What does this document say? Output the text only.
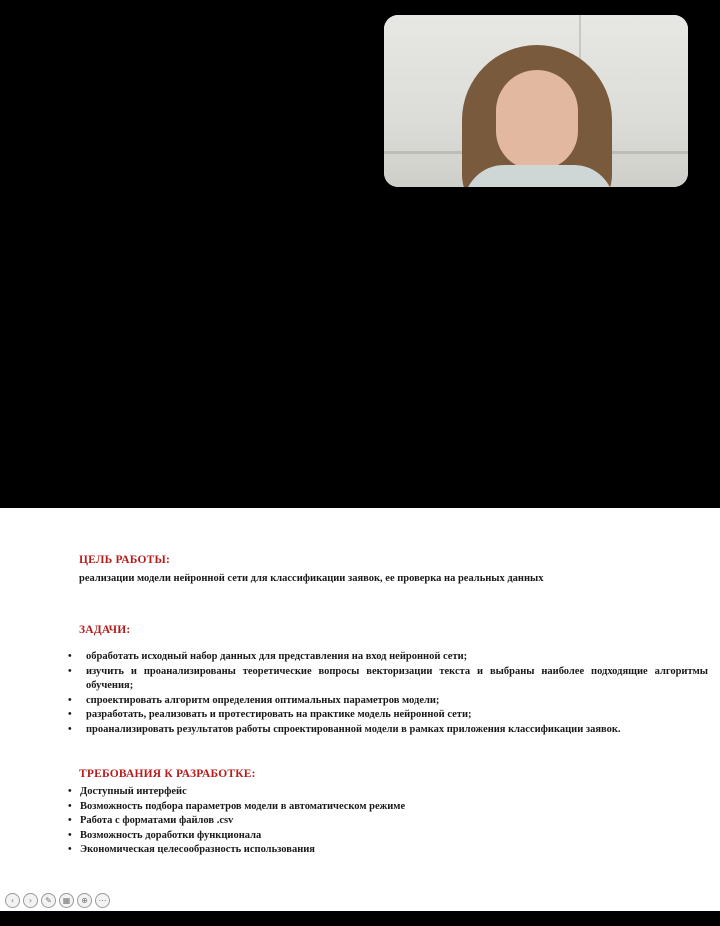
ЦЕЛЬ РАБОТЫ:
реализации модели нейронной сети для классификации заявок, ее проверка на реальных данных
ЗАДАЧИ:
• обработать исходный набор данных для представления на вход нейронной сети;
• изучить и проанализированы теоретические вопросы векторизации текста и выбраны наиболее подходящие алгоритмы обучения;
• спроектировать алгоритм определения оптимальных параметров модели;
• разработать, реализовать и протестировать на практике модель нейронной сети;
• проанализировать результатов работы спроектированной модели в рамках приложения классификации заявок.
ТРЕБОВАНИЯ К РАЗРАБОТКЕ:
• Доступный интерфейс
• Возможность подбора параметров модели в автоматическом режиме
• Работа с форматами файлов .csv
• Возможность доработки функционала
• Экономическая целесообразность использования
‹	›	✎	▦	⊕	⋯
